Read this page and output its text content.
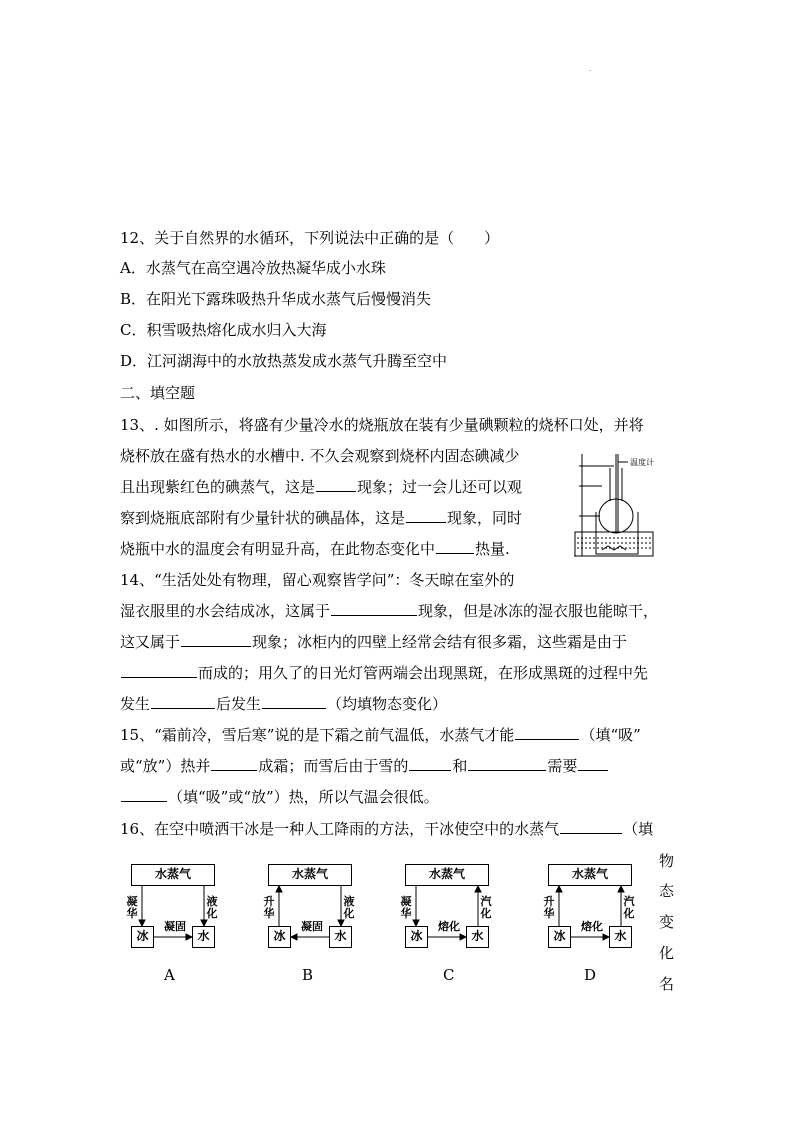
.
12、关于自然界的水循环，下列说法中正确的是（　　）
A．水蒸气在高空遇冷放热凝华成小水珠
B．在阳光下露珠吸热升华成水蒸气后慢慢消失
C．积雪吸热熔化成水归入大海
D．江河湖海中的水放热蒸发成水蒸气升腾至空中
二、填空题
13、. 如图所示，将盛有少量冷水的烧瓶放在装有少量碘颗粒的烧杯口处，并将
烧杯放在盛有热水的水槽中. 不久会观察到烧杯内固态碘减少
且出现紫红色的碘蒸气，这是	现象；过一会儿还可以观
察到烧瓶底部附有少量针状的碘晶体，这是	现象，同时
烧瓶中水的温度会有明显升高，在此物态变化中	热量.
温度计
14、“生活处处有物理，留心观察皆学问”：冬天晾在室外的
湿衣服里的水会结成冰，这属于	现象，但是冰冻的湿衣服也能晾干，
这又属于	现象；冰柜内的四壁上经常会结有很多霜，这些霜是由于
而成的；用久了的日光灯管两端会出现黑斑，在形成黑斑的过程中先
发生	后发生	（均填物态变化）
15、“霜前冷，雪后寒”说的是下霜之前气温低，水蒸气才能	（填“吸”
或“放”）热并	成霜；而雪后由于雪的	和	需要
（填“吸”或“放”）热，所以气温会很低。
16、在空中喷洒干冰是一种人工降雨的方法，干冰使空中的水蒸气	（填
物
态
变
化
名
水蒸气
冰	水
凝华
液化
凝固
水蒸气
冰	水
升华
液化
凝固
水蒸气
冰	水
凝华
汽化
熔化
水蒸气
冰	水
升华
汽化
熔化
A	B	C	D
